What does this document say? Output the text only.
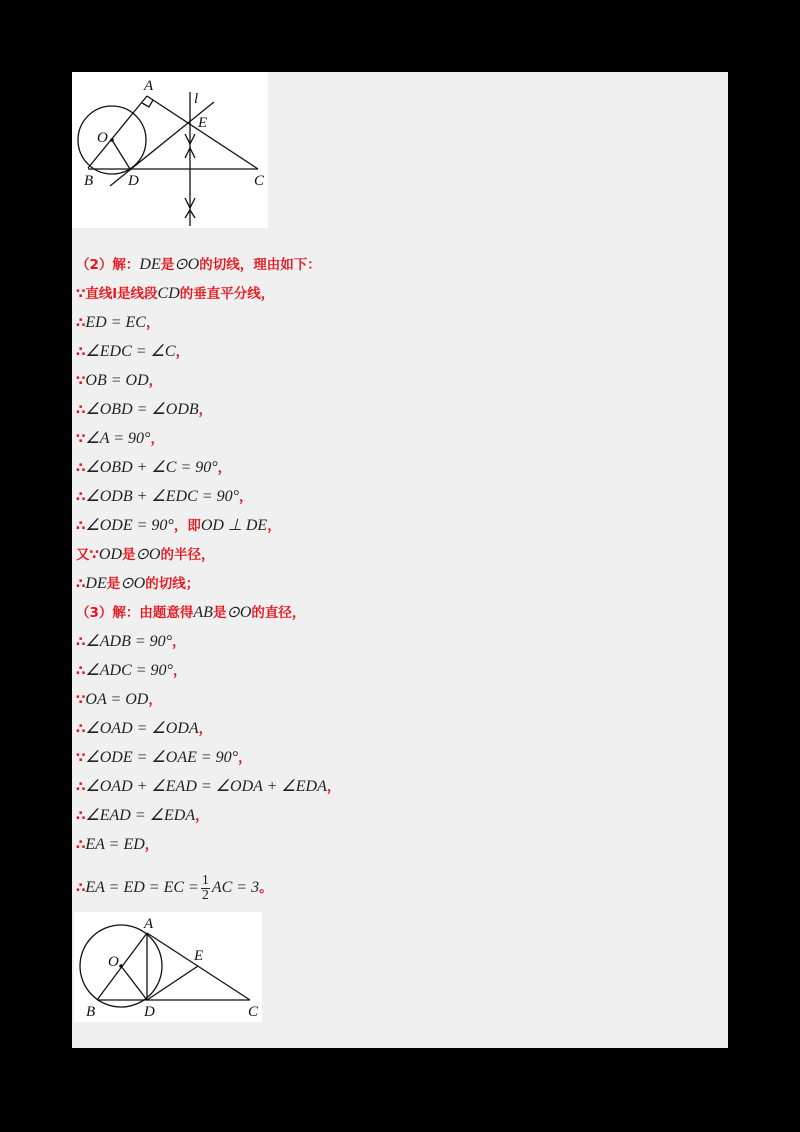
A
l
E
O
B D	C
（2）解：DE是⊙O的切线，理由如下：
∵直线l是线段CD的垂直平分线，
∴ED = EC，
∴∠EDC = ∠C，
∵OB = OD，
∴∠OBD = ∠ODB，
∵∠A = 90°，
∴∠OBD + ∠C = 90°，
∴∠ODB + ∠EDC = 90°，
∴∠ODE = 90°，即OD ⊥ DE，
又∵OD是⊙O的半径，
∴DE是⊙O的切线；
（3）解：由题意得AB是⊙O的直径，
∴∠ADB = 90°，
∴∠ADC = 90°，
∵OA = OD，
∴∠OAD = ∠ODA，
∵∠ODE = ∠OAE = 90°，
∴∠OAD + ∠EAD = ∠ODA + ∠EDA，
∴∠EAD = ∠EDA，
∴EA = ED，
∴EA = ED = EC = $\frac{1}{2}$ AC = 3。
A
E
O
B	D	C
